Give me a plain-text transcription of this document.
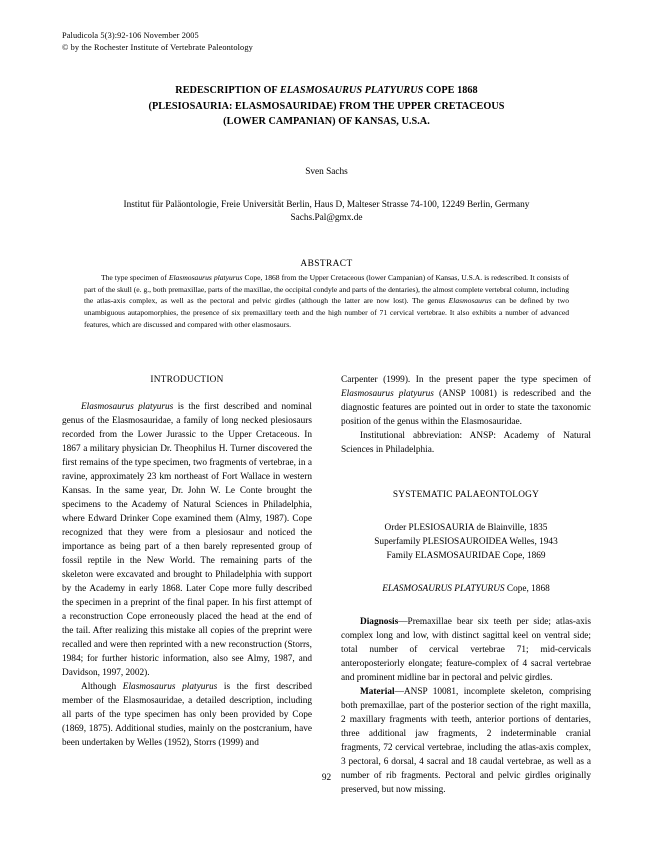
Paludicola 5(3):92-106 November 2005
© by the Rochester Institute of Vertebrate Paleontology
REDESCRIPTION OF ELASMOSAURUS PLATYURUS COPE 1868
(PLESIOSAURIA: ELASMOSAURIDAE) FROM THE UPPER CRETACEOUS
(LOWER CAMPANIAN) OF KANSAS, U.S.A.
Sven Sachs
Institut für Paläontologie, Freie Universität Berlin, Haus D, Malteser Strasse 74-100, 12249 Berlin, Germany
Sachs.Pal@gmx.de
ABSTRACT
The type specimen of Elasmosaurus platyurus Cope, 1868 from the Upper Cretaceous (lower Campanian) of Kansas, U.S.A. is redescribed. It consists of part of the skull (e. g., both premaxillae, parts of the maxillae, the occipital condyle and parts of the dentaries), the almost complete vertebral column, including the atlas-axis complex, as well as the pectoral and pelvic girdles (although the latter are now lost). The genus Elasmosaurus can be defined by two unambiguous autapomorphies, the presence of six premaxillary teeth and the high number of 71 cervical vertebrae. It also exhibits a number of advanced features, which are discussed and compared with other elasmosaurs.
INTRODUCTION

Elasmosaurus platyurus is the first described and nominal genus of the Elasmosauridae, a family of long necked plesiosaurs recorded from the Lower Jurassic to the Upper Cretaceous. In 1867 a military physician Dr. Theophilus H. Turner discovered the first remains of the type specimen, two fragments of vertebrae, in a ravine, approximately 23 km northeast of Fort Wallace in western Kansas. In the same year, Dr. John W. Le Conte brought the specimens to the Academy of Natural Sciences in Philadelphia, where Edward Drinker Cope examined them (Almy, 1987). Cope recognized that they were from a plesiosaur and noticed the importance as being part of a then barely represented group of fossil reptile in the New World. The remaining parts of the skeleton were excavated and brought to Philadelphia with support by the Academy in early 1868. Later Cope more fully described the specimen in a preprint of the final paper. In his first attempt of a reconstruction Cope erroneously placed the head at the end of the tail. After realizing this mistake all copies of the preprint were recalled and were then reprinted with a new reconstruction (Storrs, 1984; for further historic information, also see Almy, 1987, and Davidson, 1997, 2002).

Although Elasmosaurus platyurus is the first described member of the Elasmosauridae, a detailed description, including all parts of the type specimen has only been provided by Cope (1869, 1875). Additional studies, mainly on the postcranium, have been undertaken by Welles (1952), Storrs (1999) and

Carpenter (1999). In the present paper the type specimen of Elasmosaurus platyurus (ANSP 10081) is redescribed and the diagnostic features are pointed out in order to state the taxonomic position of the genus within the Elasmosauridae.

Institutional abbreviation: ANSP: Academy of Natural Sciences in Philadelphia.

SYSTEMATIC PALAEONTOLOGY
Order PLESIOSAURIA de Blainville, 1835
Superfamily PLESIOSAUROIDEA Welles, 1943
Family ELASMOSAURIDAE Cope, 1869
ELASMOSAURUS PLATYURUS Cope, 1868

Diagnosis—Premaxillae bear six teeth per side; atlas-axis complex long and low, with distinct sagittal keel on ventral side; total number of cervical vertebrae 71; mid-cervicals anteroposteriorly elongate; feature-complex of 4 sacral vertebrae and prominent midline bar in pectoral and pelvic girdles.

Material—ANSP 10081, incomplete skeleton, comprising both premaxillae, part of the posterior section of the right maxilla, 2 maxillary fragments with teeth, anterior portions of dentaries, three additional jaw fragments, 2 indeterminable cranial fragments, 72 cervical vertebrae, including the atlas-axis complex, 3 pectoral, 6 dorsal, 4 sacral and 18 caudal vertebrae, as well as a number of rib fragments. Pectoral and pelvic girdles originally preserved, but now missing.

92
